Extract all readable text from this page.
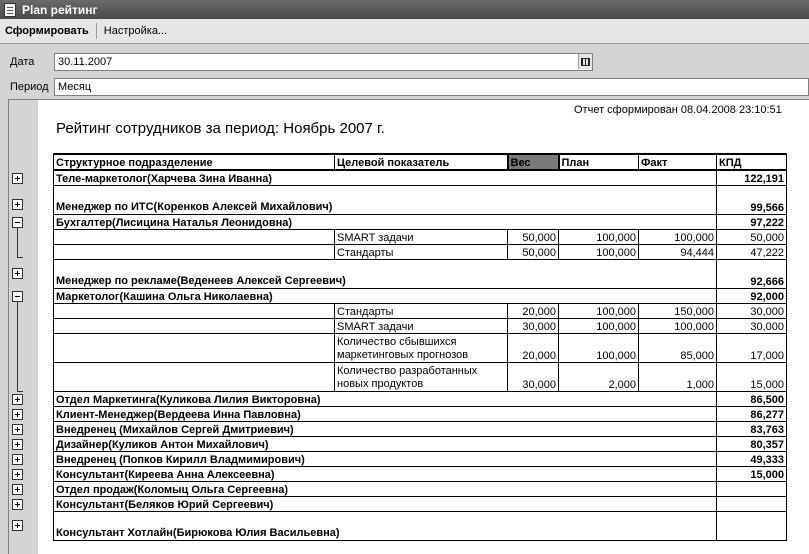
Plan рейтинг
Сформировать	Настройка...
Дата	30.11.2007
Период Месяц
Отчет сформирован 08.04.2008 23:10:51
Рейтинг сотрудников за период: Ноябрь 2007 г.
Структурное подразделение	Целевой показатель	Вес	План	Факт	КПД
Теле-маркетолог(Харчева Зина Иванна)					122,191
Менеджер по ИТС(Коренков Алексей Михайлович)					99,566
Бухгалтер(Лисицина Наталья Леонидовна)					97,222
	SMART задачи	50,000	100,000	100,000	50,000
	Стандарты	50,000	100,000	94,444	47,222
Менеджер по рекламе(Веденеев Алексей Сергеевич)					92,666
Маркетолог(Кашина Ольга Николаевна)					92,000
	Стандарты	20,000	100,000	150,000	30,000
	SMART задачи	30,000	100,000	100,000	30,000
	Количество сбывшихся маркетинговых прогнозов	20,000	100,000	85,000	17,000
	Количество разработанных новых продуктов	30,000	2,000	1,000	15,000
Отдел Маркетинга(Куликова Лилия Викторовна)					86,500
Клиент-Менеджер(Вердеева Инна Павловна)					86,277
Внедренец (Михайлов Сергей Дмитриевич)					83,763
Дизайнер(Куликов Антон Михайлович)					80,357
Внедренец (Попков Кирилл Владмимирович)					49,333
Консультант(Киреева Анна Алексеевна)					15,000
Отдел продаж(Коломыц Ольга Сергеевна)					
Консультант(Беляков Юрий Сергеевич)					
Консультант Хотлайн(Бирюкова Юлия Васильевна)					
